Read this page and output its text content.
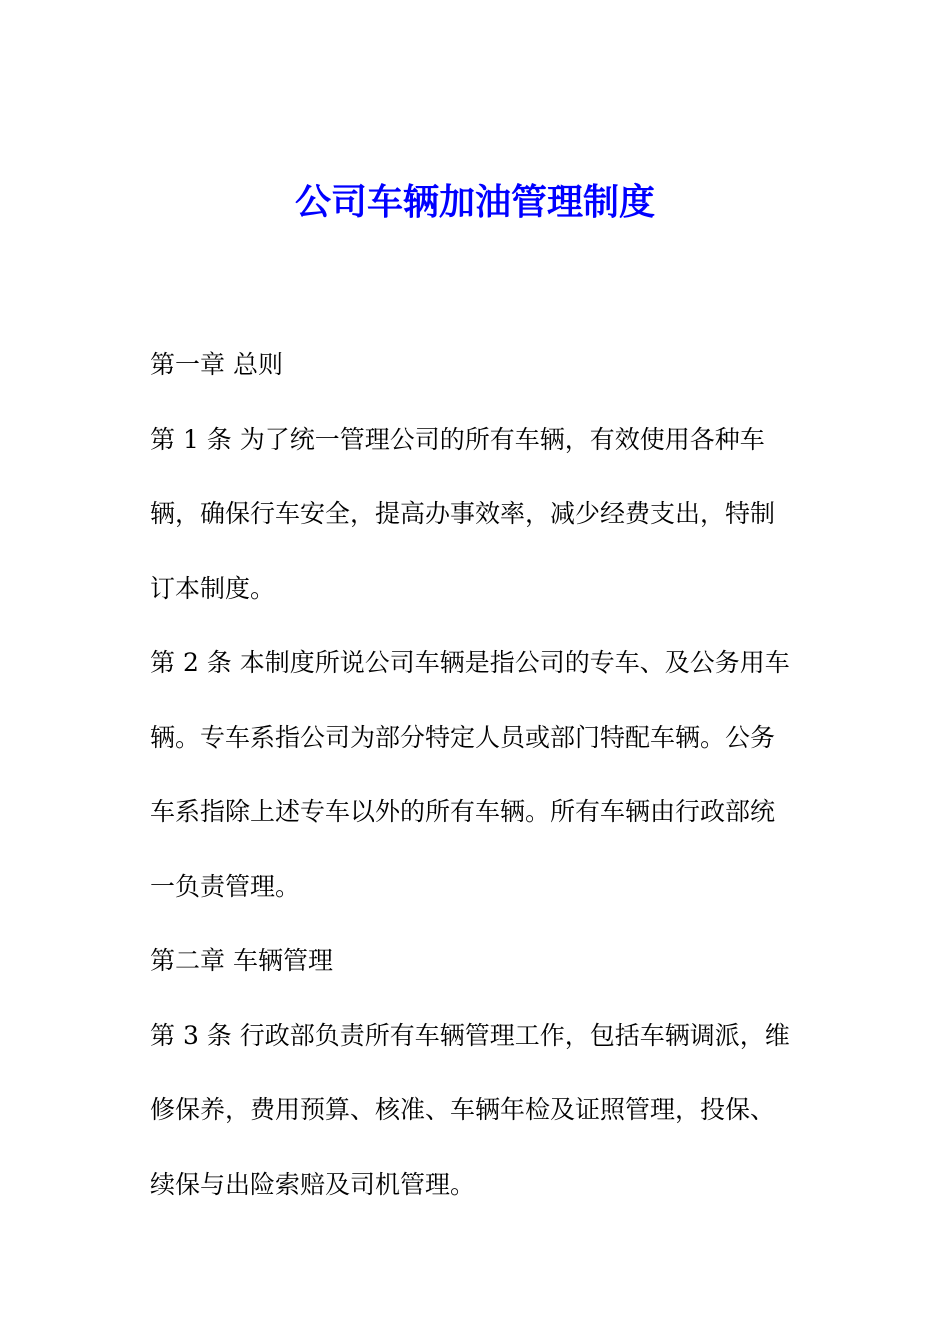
公司车辆加油管理制度

第一章 总则

第 1 条 为了统一管理公司的所有车辆，有效使用各种车

辆，确保行车安全，提高办事效率，减少经费支出，特制

订本制度。

第 2 条 本制度所说公司车辆是指公司的专车、及公务用车

辆。专车系指公司为部分特定人员或部门特配车辆。公务

车系指除上述专车以外的所有车辆。所有车辆由行政部统

一负责管理。

第二章 车辆管理

第 3 条 行政部负责所有车辆管理工作，包括车辆调派，维

修保养，费用预算、核准、车辆年检及证照管理，投保、

续保与出险索赔及司机管理。
